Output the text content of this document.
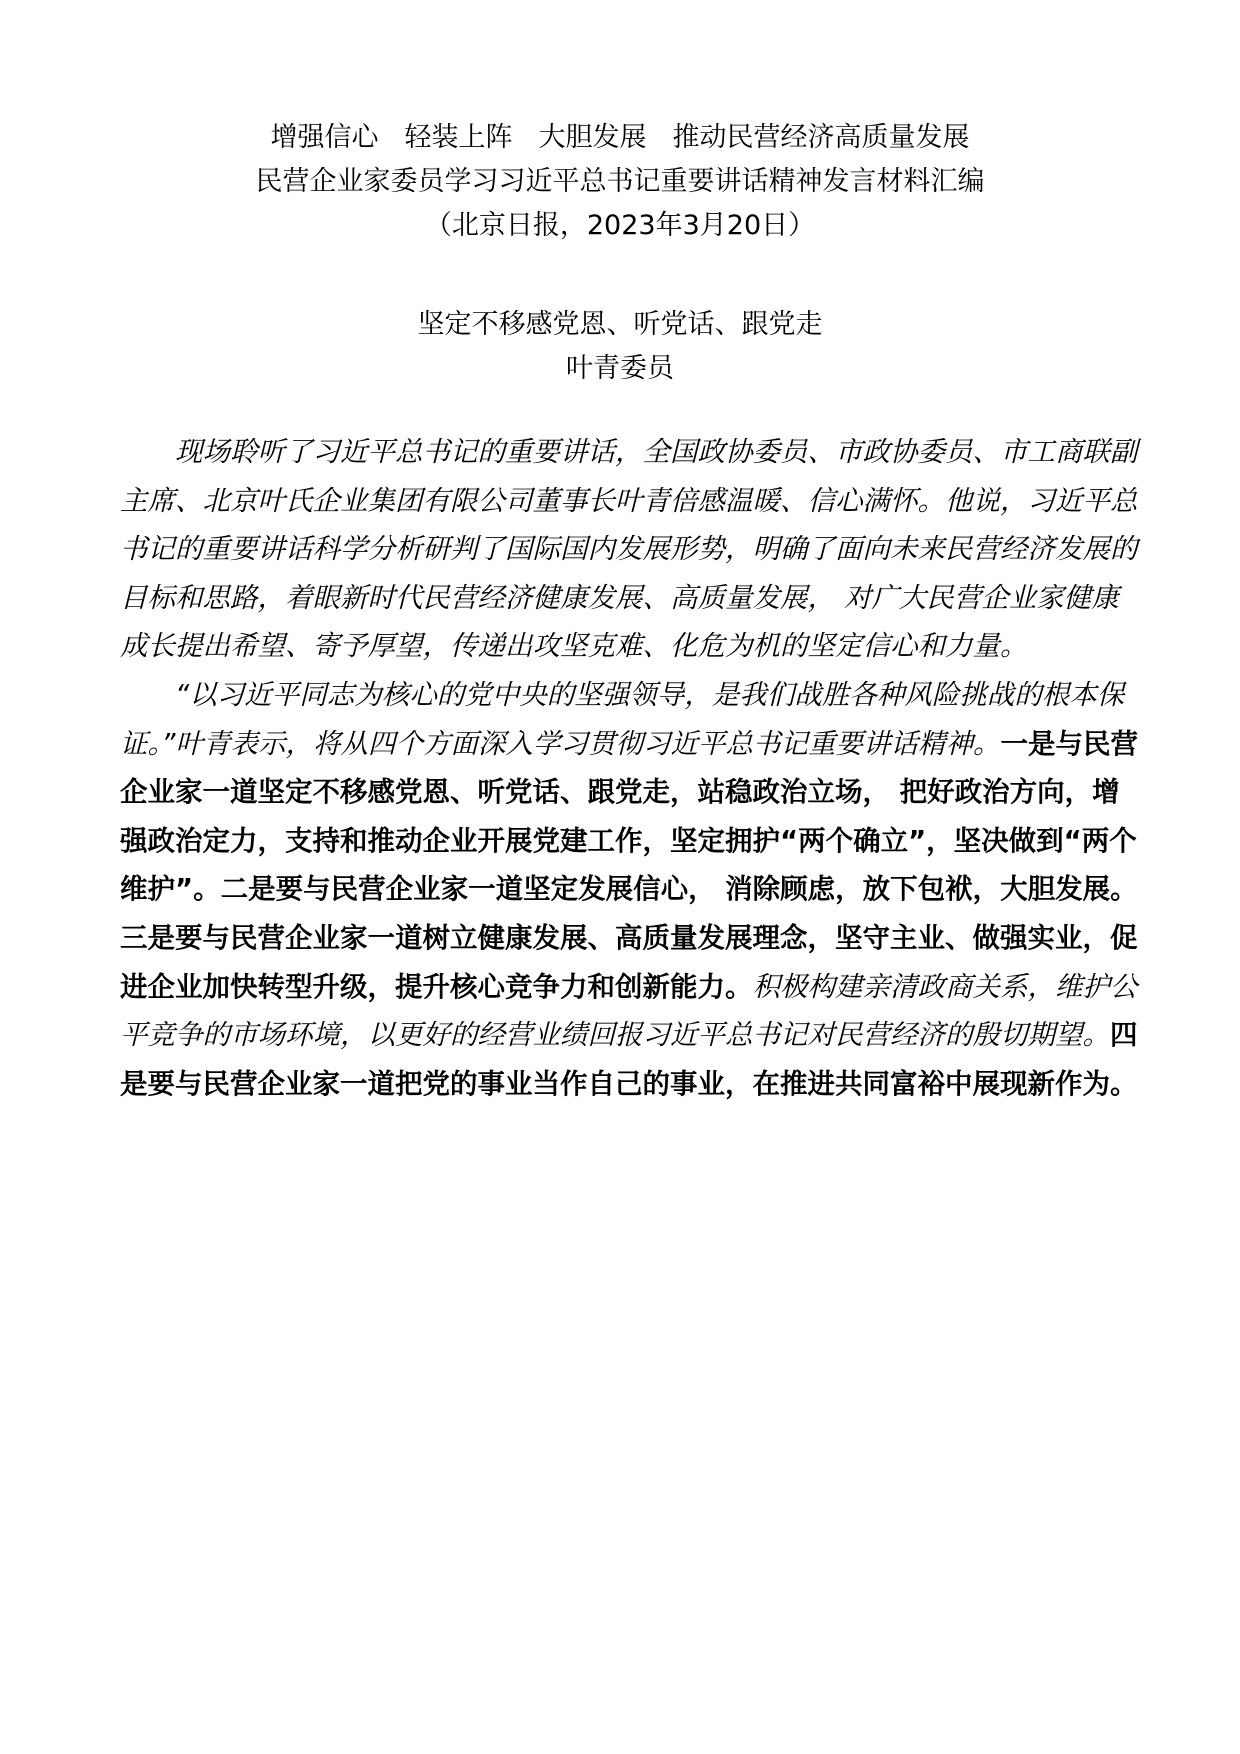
增强信心 轻装上阵 大胆发展 推动民营经济高质量发展
民营企业家委员学习习近平总书记重要讲话精神发言材料汇编
（北京日报，2023年3月20日）
坚定不移感党恩、听党话、跟党走
叶青委员

现场聆听了习近平总书记的重要讲话，全国政协委员、市政协委员、市工商联副主席、北京叶氏企业集团有限公司董事长叶青倍感温暖、信心满怀。他说，习近平总书记的重要讲话科学分析研判了国际国内发展形势，明确了面向未来民营经济发展的目标和思路，着眼新时代民营经济健康发展、高质量发展， 对广大民营企业家健康成长提出希望、寄予厚望，传递出攻坚克难、化危为机的坚定信心和力量。

“以习近平同志为核心的党中央的坚强领导，是我们战胜各种风险挑战的根本保证。”叶青表示，将从四个方面深入学习贯彻习近平总书记重要讲话精神。一是与民营企业家一道坚定不移感党恩、听党话、跟党走，站稳政治立场， 把好政治方向，增强政治定力，支持和推动企业开展党建工作，坚定拥护“两个确立”，坚决做到“两个维护”。二是要与民营企业家一道坚定发展信心， 消除顾虑，放下包袱，大胆发展。三是要与民营企业家一道树立健康发展、高质量发展理念，坚守主业、做强实业，促进企业加快转型升级，提升核心竞争力和创新能力。积极构建亲清政商关系，维护公平竞争的市场环境，以更好的经营业绩回报习近平总书记对民营经济的殷切期望。四是要与民营企业家一道把党的事业当作自己的事业，在推进共同富裕中展现新作为。
